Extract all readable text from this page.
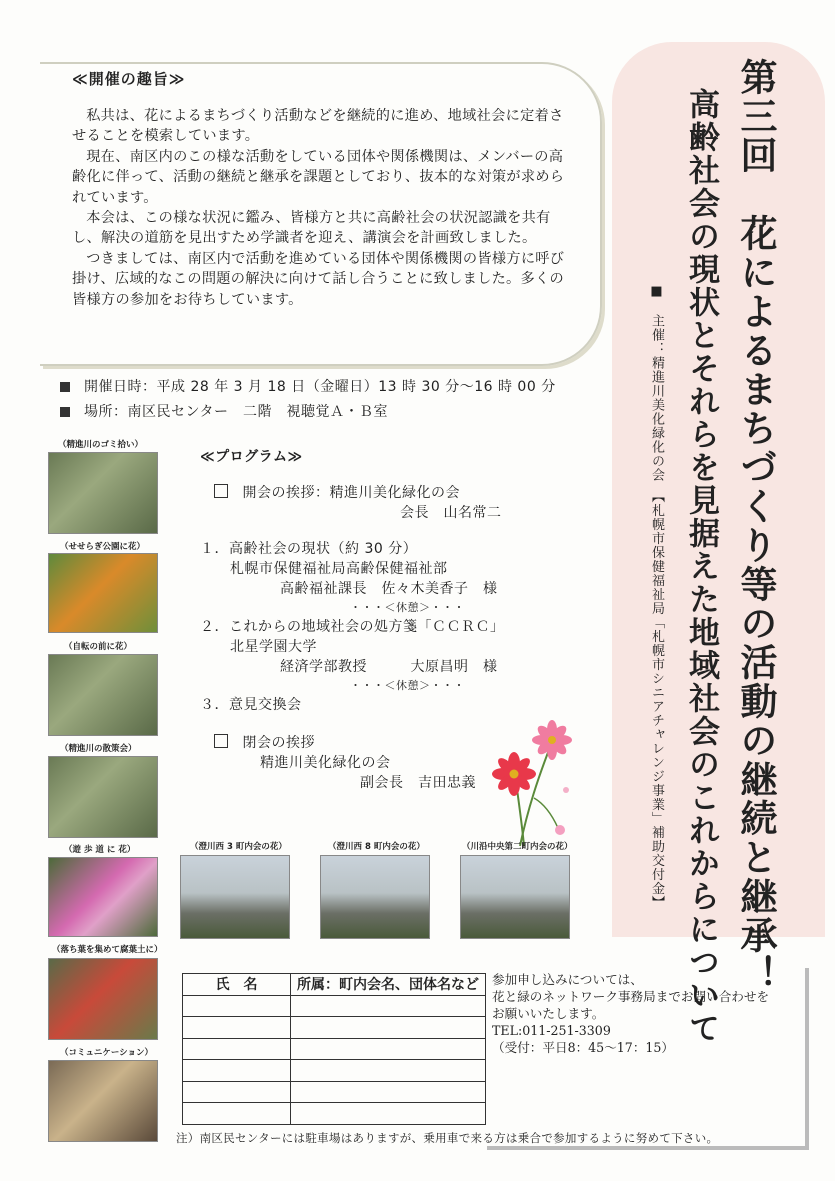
≪開催の趣旨≫

私共は、花によるまちづくり活動などを継続的に進め、地域社会に定着させることを模索しています。

現在、南区内のこの様な活動をしている団体や関係機関は、メンバーの高齢化に伴って、活動の継続と継承を課題としており、抜本的な対策が求められています。

本会は、この様な状況に鑑み、皆様方と共に高齢社会の状況認識を共有し、解決の道筋を見出すため学識者を迎え、講演会を計画致しました。

つきましては、南区内で活動を進めている団体や関係機関の皆様方に呼び掛け、広域的なこの問題の解決に向けて話し合うことに致しました。多くの皆様方の参加をお待ちしています。	第三回　花によるまちづくり等の活動の継続と継承！
高齢社会の現状とそれらを見据えた地域社会のこれからについて
■　主催：精進川美化緑化の会　【札幌市保健福祉局「札幌市シニアチャレンジ事業」補助交付金】
開催日時：平成 28 年 3 月 18 日（金曜日）13 時 30 分〜16 時 00 分
場所：南区民センター　二階　視聴覚Ａ・Ｂ室
（精進川のゴミ拾い）
（せせらぎ公園に花）
（自転の前に花）
（精進川の散策会）
（遊 歩 道 に 花）
（落ち葉を集めて腐葉土に）
（コミュニケーション）
≪プログラム≫
　開会の挨拶：精進川美化緑化の会
会長　山名常二
１．高齢社会の現状（約 30 分）
札幌市保健福祉局高齢保健福祉部
高齢福祉課長　佐々木美香子　様
・・・＜休憩＞・・・
２．これからの地域社会の処方箋「ＣＣＲＣ」
北星学園大学
経済学部教授　　　大原昌明　様
・・・＜休憩＞・・・
３．意見交換会
　閉会の挨拶
精進川美化緑化の会
副会長　吉田忠義
（澄川西 3 町内会の花）	（澄川西 8 町内会の花）	（川沿中央第二町内会の花）
氏　名	所属：町内会名、団体名など

	参加申し込みについては、
花と緑のネットワーク事務局までお問い合わせを
お願いいたします。
TEL:011-251-3309
（受付：平日8：45〜17：15）
注）南区民センターには駐車場はありますが、乗用車で来る方は乗合で参加するように努めて下さい。
